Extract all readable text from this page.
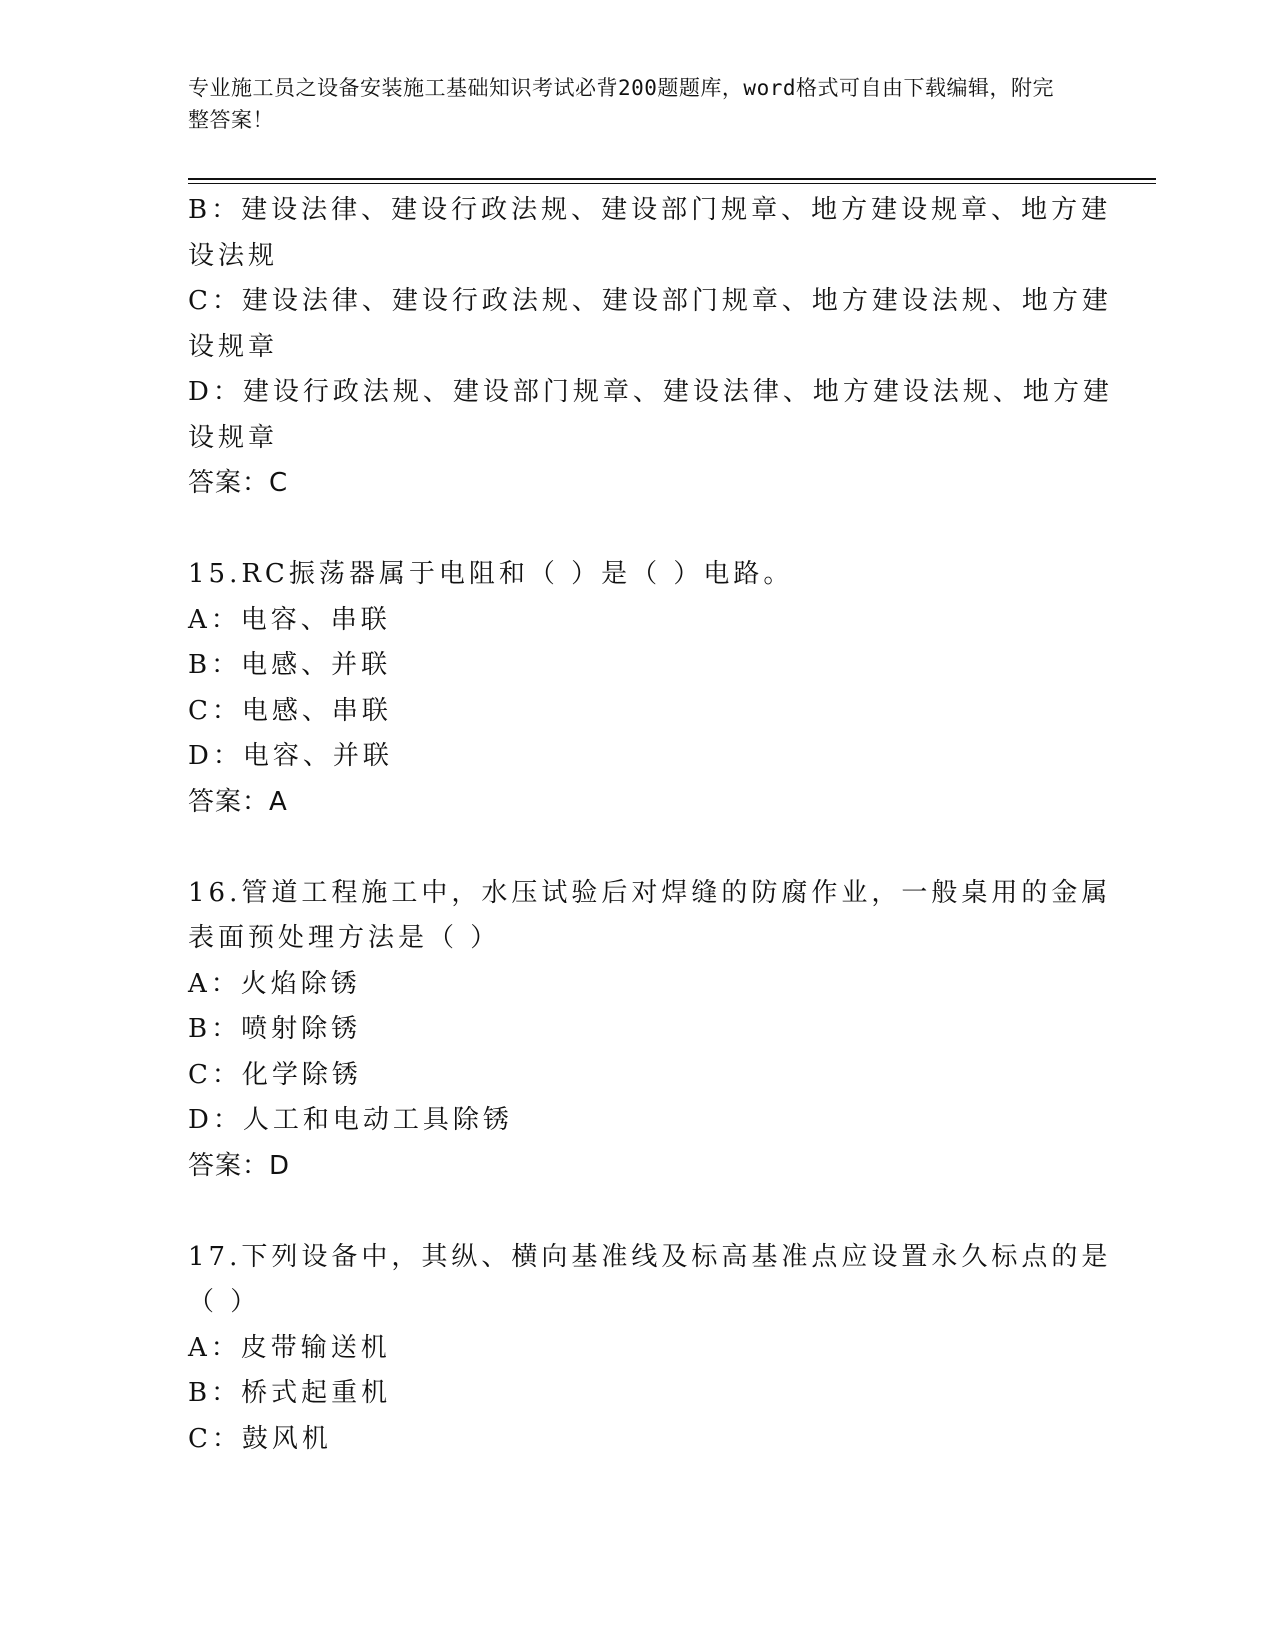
专业施工员之设备安装施工基础知识考试必背200题题库，word格式可自由下载编辑，附完整答案！
B：建设法律、建设行政法规、建设部门规章、地方建设规章、地方建
设法规
C：建设法律、建设行政法规、建设部门规章、地方建设法规、地方建
设规章
D：建设行政法规、建设部门规章、建设法律、地方建设法规、地方建
设规章
答案：C
15.RC振荡器属于电阻和（ ）是（ ）电路。
A：电容、串联
B：电感、并联
C：电感、串联
D：电容、并联
答案：A
16.管道工程施工中，水压试验后对焊缝的防腐作业，一般桌用的金属
表面预处理方法是（ ）
A：火焰除锈
B：喷射除锈
C：化学除锈
D：人工和电动工具除锈
答案：D
17.下列设备中，其纵、横向基准线及标高基准点应设置永久标点的是
（ ）
A：皮带输送机
B：桥式起重机
C：鼓风机
